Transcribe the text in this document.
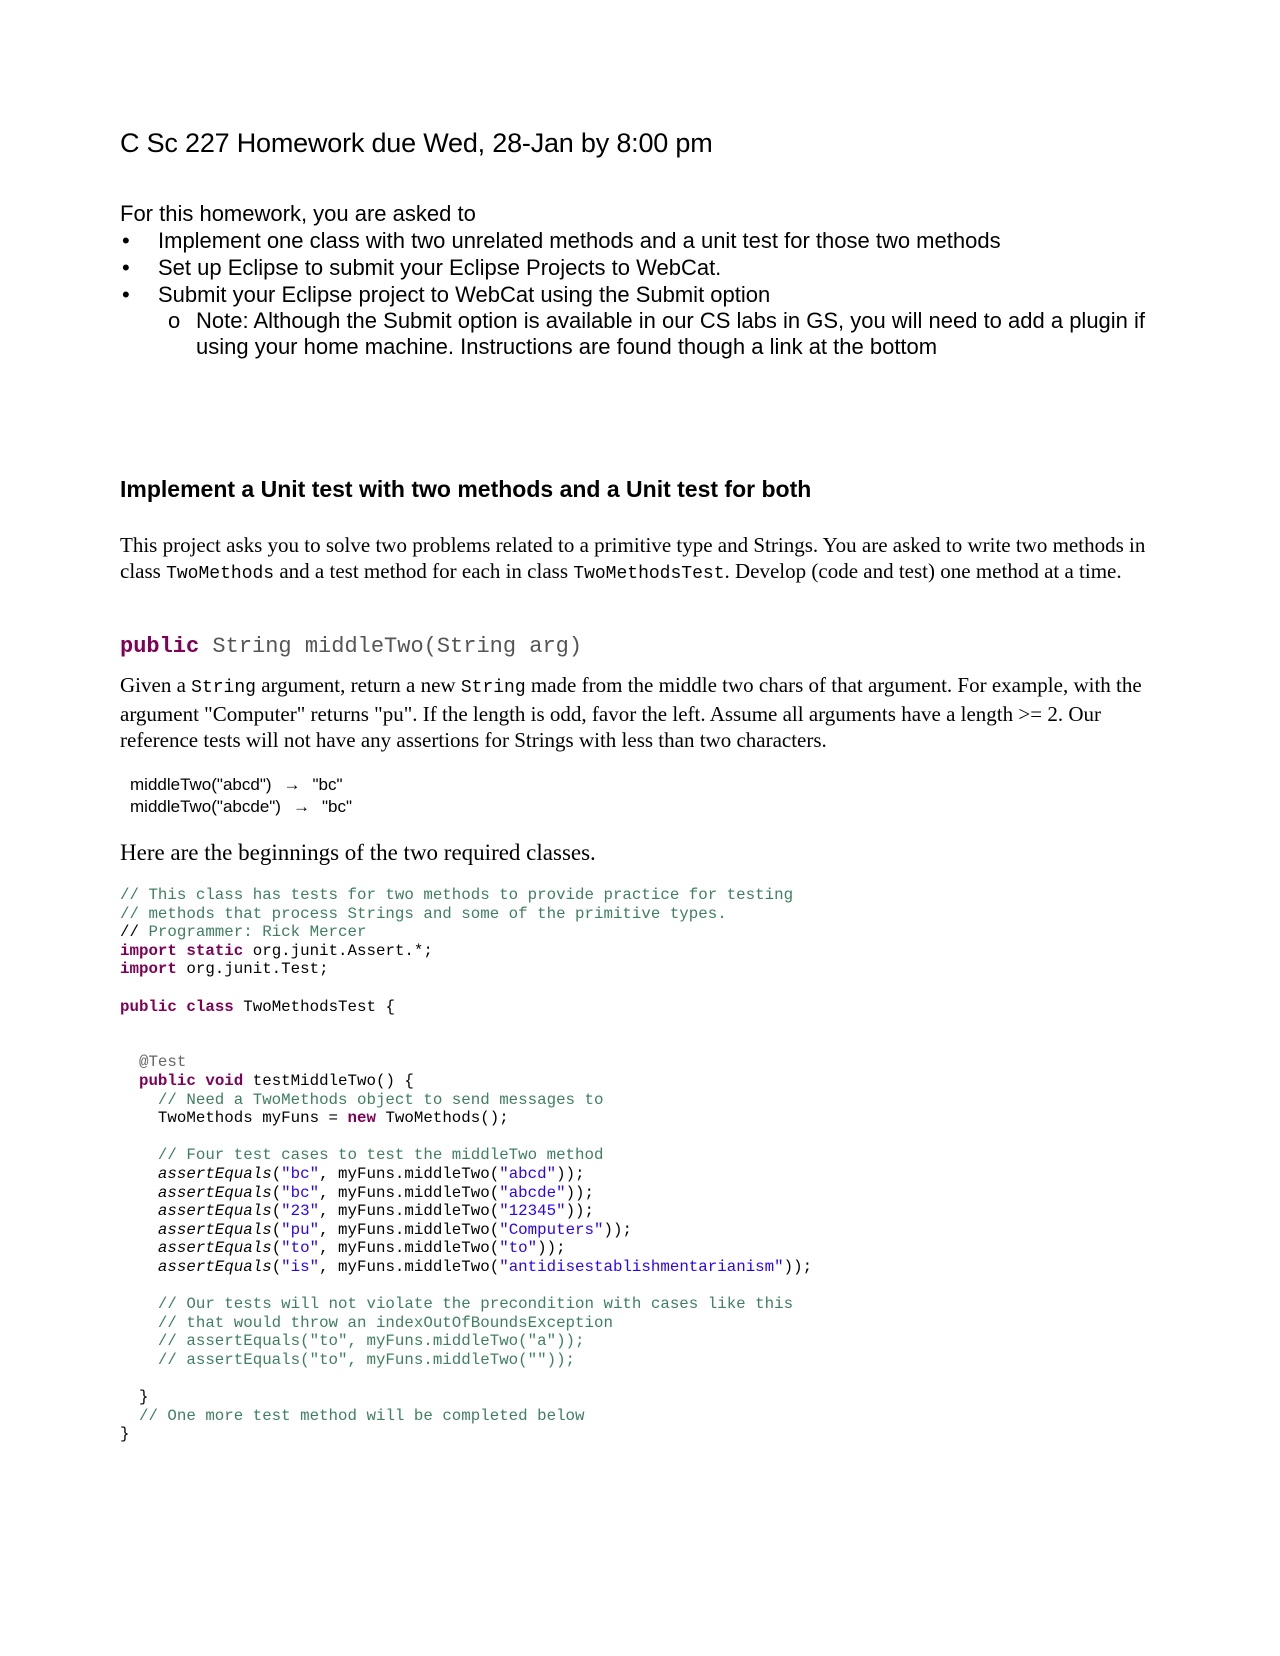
C Sc 227 Homework due Wed, 28-Jan by 8:00 pm
For this homework, you are asked to
• Implement one class with two unrelated methods and a unit test for those two methods
• Set up Eclipse to submit your Eclipse Projects to WebCat.
• Submit your Eclipse project to WebCat using the Submit option
o Note: Although the Submit option is available in our CS labs in GS, you will need to add a plugin if using your home machine. Instructions are found though a link at the bottom
Implement a Unit test with two methods and a Unit test for both

This project asks you to solve two problems related to a primitive type and Strings. You are asked to write two methods in class TwoMethods and a test method for each in class TwoMethodsTest. Develop (code and test) one method at a time.

public String middleTwo(String arg)

Given a String argument, return a new String made from the middle two chars of that argument. For example, with the argument "Computer" returns "pu". If the length is odd, favor the left. Assume all arguments have a length >= 2. Our reference tests will not have any assertions for Strings with less than two characters.

middleTwo("abcd") → "bc"
middleTwo("abcde") → "bc"
Here are the beginnings of the two required classes.
// This class has tests for two methods to provide practice for testing
// methods that process Strings and some of the primitive types.
// Programmer: Rick Mercer
import static org.junit.Assert.*;
import org.junit.Test;

public class TwoMethodsTest {

@Test
public void testMiddleTwo() {
// Need a TwoMethods object to send messages to
TwoMethods myFuns = new TwoMethods();

// Four test cases to test the middleTwo method
assertEquals("bc", myFuns.middleTwo("abcd"));
assertEquals("bc", myFuns.middleTwo("abcde"));
assertEquals("23", myFuns.middleTwo("12345"));
assertEquals("pu", myFuns.middleTwo("Computers"));
assertEquals("to", myFuns.middleTwo("to"));
assertEquals("is", myFuns.middleTwo("antidisestablishmentarianism"));

// Our tests will not violate the precondition with cases like this
// that would throw an indexOutOfBoundsException
// assertEquals("to", myFuns.middleTwo("a"));
// assertEquals("to", myFuns.middleTwo(""));

}
// One more test method will be completed below
}
